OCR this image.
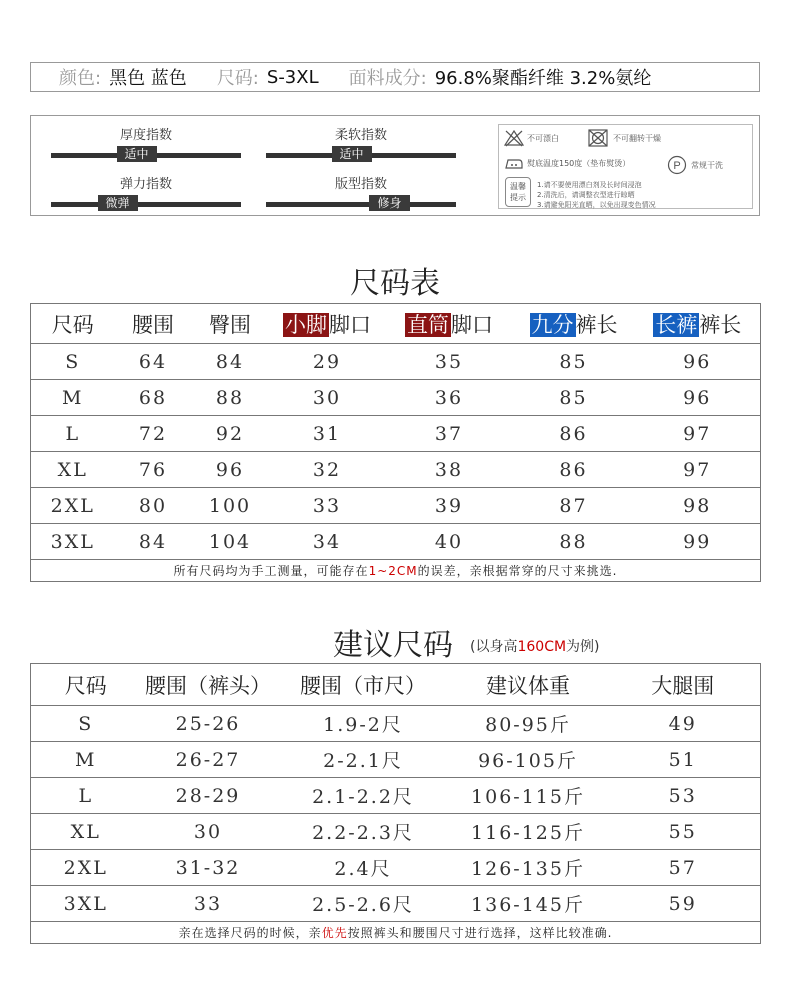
颜色: 黑色 蓝色 尺码: S-3XL 面料成分: 96.8%聚酯纤维 3.2%氨纶
厚度指数
适中
柔软指数
适中
弹力指数
微弹
版型指数
修身
不可漂白	不可翻转干燥
熨底温度150度（垫布熨烫）	P 常规干洗
温馨
提示
1.请不要使用漂白剂及长时间浸泡
2.清洗后，请调整衣型进行晾晒
3.请避免阳光直晒，以免出现变色情况
尺码表
尺码	腰围	臀围	小脚脚口	直筒脚口	九分裤长	长裤裤长
S	64	84	29	35	85	96
M	68	88	30	36	85	96
L	72	92	31	37	86	97
XL	76	96	32	38	86	97
2XL	80	100	33	39	87	98
3XL	84	104	34	40	88	99
所有尺码均为手工测量，可能存在1~2CM的误差，亲根据常穿的尺寸来挑选.						
建议尺码 (以身高160CM为例)
尺码	腰围（裤头）	腰围（市尺）	建议体重	大腿围
S	25-26	1.9-2尺	80-95斤	49
M	26-27	2-2.1尺	96-105斤	51
L	28-29	2.1-2.2尺	106-115斤	53
XL	30	2.2-2.3尺	116-125斤	55
2XL	31-32	2.4尺	126-135斤	57
3XL	33	2.5-2.6尺	136-145斤	59
亲在选择尺码的时候，亲优先按照裤头和腰围尺寸进行选择，这样比较准确.				
